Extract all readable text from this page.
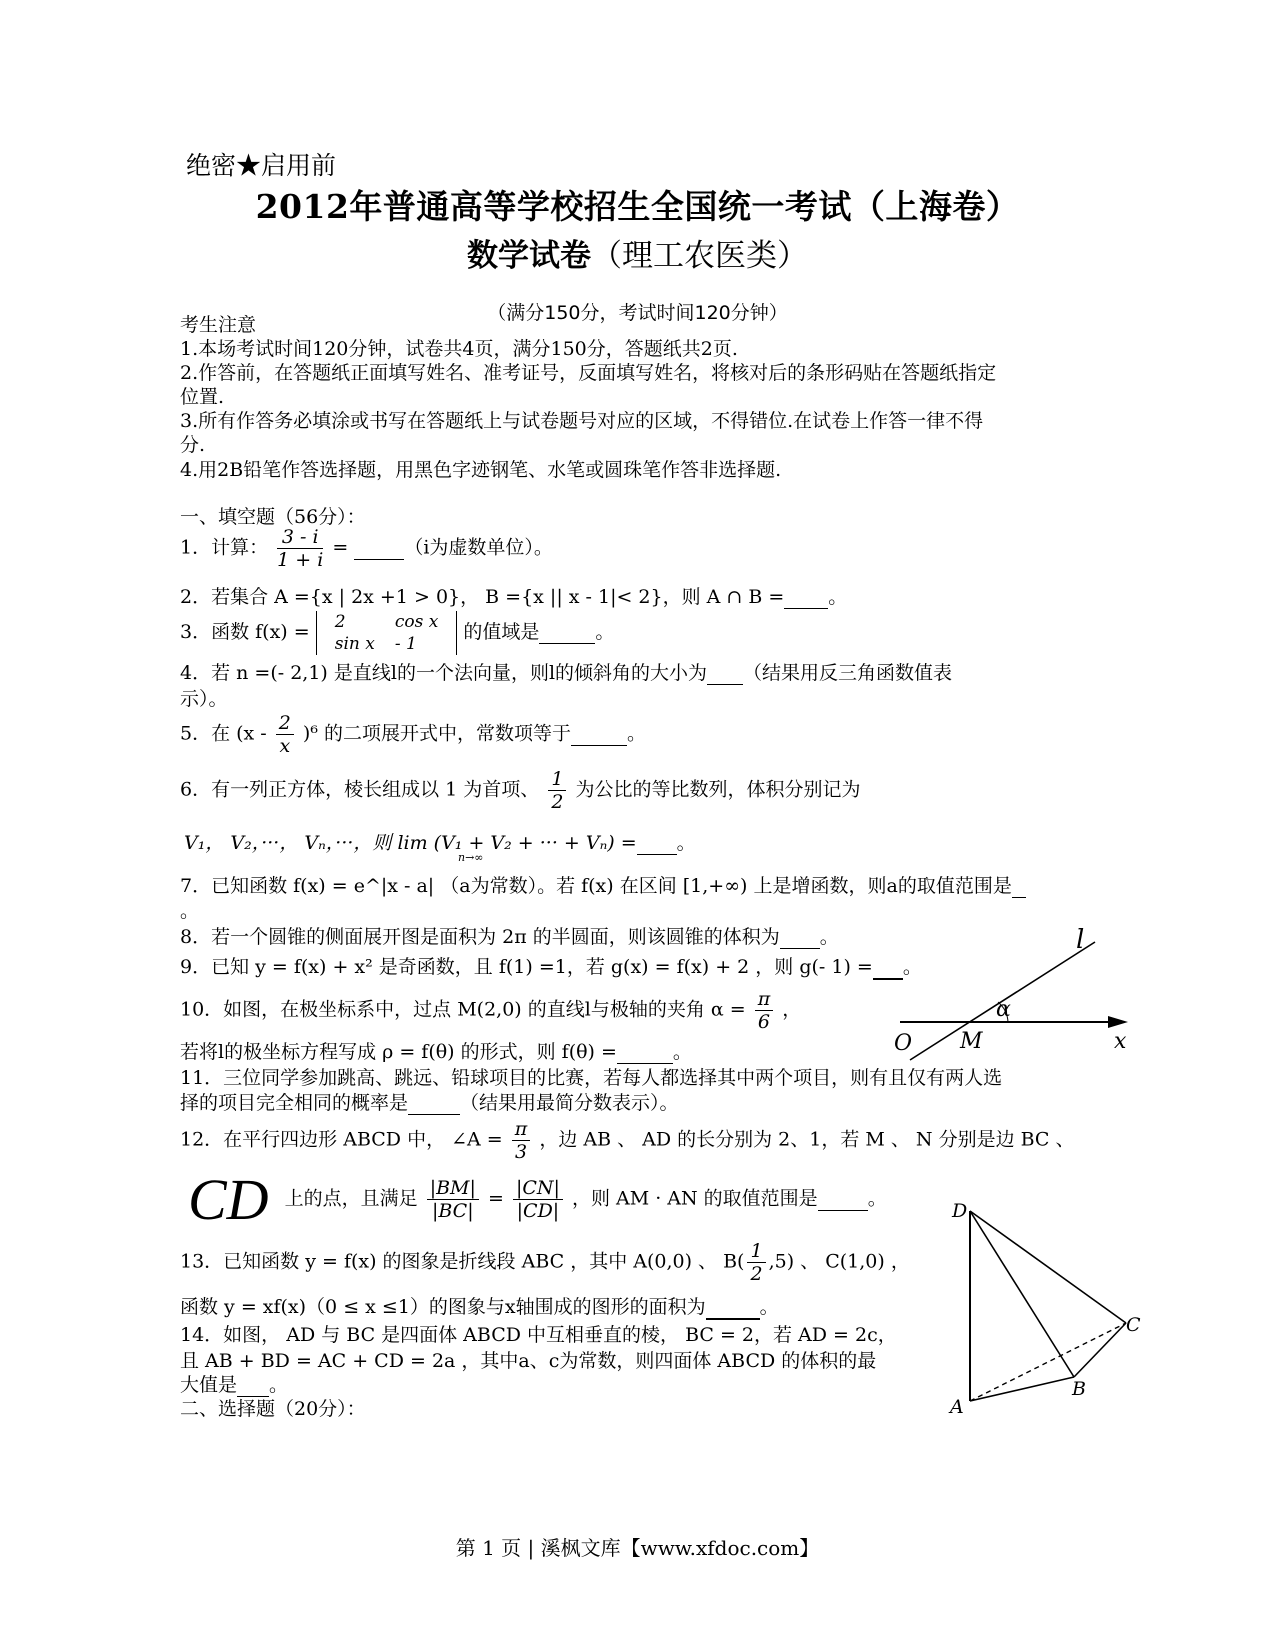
绝密★启用前
2012年普通高等学校招生全国统一考试（上海卷）
数学试卷（理工农医类）
（满分150分，考试时间120分钟）
考生注意
1.本场考试时间120分钟，试卷共4页，满分150分，答题纸共2页.
2.作答前，在答题纸正面填写姓名、准考证号，反面填写姓名，将核对后的条形码贴在答题纸指定
位置.
3.所有作答务必填涂或书写在答题纸上与试卷题号对应的区域，不得错位.在试卷上作答一律不得
分.
4.用2B铅笔作答选择题，用黑色字迹钢笔、水笔或圆珠笔作答非选择题.
一、填空题（56分）：
1．计算： $\frac{3 - i}{1 + i}$ =	（i为虚数单位）。
2．若集合 A ={x | 2x +1 > 0}， B ={x || x - 1|< 2}，则 A ∩ B = 。
3．函数 f(x) = 2	cos x
sin x	- 1
的值域是	。
4．若 n =(- 2,1) 是直线l的一个法向量，则l的倾斜角的大小为 （结果用反三角函数值表
示）。
5．在 $(x - \frac{2}{x} )^6$ 的二项展开式中，常数项等于	。
6．有一列正方体，棱长组成以 1 为首项、 $\frac{1}{2}$ 为公比的等比数列，体积分别记为
V₁， V₂，···， Vₙ，···，则 lim (V₁ + V₂ + ··· + Vₙ) = 。
n→∞
7．已知函数 f(x) = e^|x - a| （a为常数）。若 f(x) 在区间 [1,+∞) 上是增函数，则a的取值范围是
。
8．若一个圆锥的侧面展开图是面积为 2π 的半圆面，则该圆锥的体积为 。
9．已知 y = f(x) + x² 是奇函数，且 f(1) =1，若 g(x) = f(x) + 2 ，则 g(- 1) = 。
10．如图，在极坐标系中，过点 M(2,0) 的直线l与极轴的夹角 $\alpha = \frac{\pi}{6}$ ，
若将l的极坐标方程写成 ρ = f(θ) 的形式，则 f(θ) =	。
l
α
O M	x
11．三位同学参加跳高、跳远、铅球项目的比赛，若每人都选择其中两个项目，则有且仅有两人选
择的项目完全相同的概率是	（结果用最简分数表示）。
12．在平行四边形 ABCD 中， ∠A = $\frac{\pi}{3}$ ，边 AB 、 AD 的长分别为 2、1，若 M 、 N 分别是边 BC 、
CD 上的点，且满足 $\frac{|BM|}{|BC|} = \frac{|CN|}{|CD|}$ ，则 AM · AN 的取值范围是	。
13．已知函数 y = f(x) 的图象是折线段 ABC ，其中 A(0,0) 、 $B( \frac{1}{2} ,5)$ 、 C(1,0) ，
函数 y = xf(x)（0 ≤ x ≤1）的图象与x轴围成的图形的面积为	。
14．如图， AD 与 BC 是四面体 ABCD 中互相垂直的棱， BC = 2，若 AD = 2c，
且 AB + BD = AC + CD = 2a ，其中a、c为常数，则四面体 ABCD 的体积的最
大值是 。
二、选择题（20分）：
D
C
B
A
第 1 页 | 溪枫文库【www.xfdoc.com】
